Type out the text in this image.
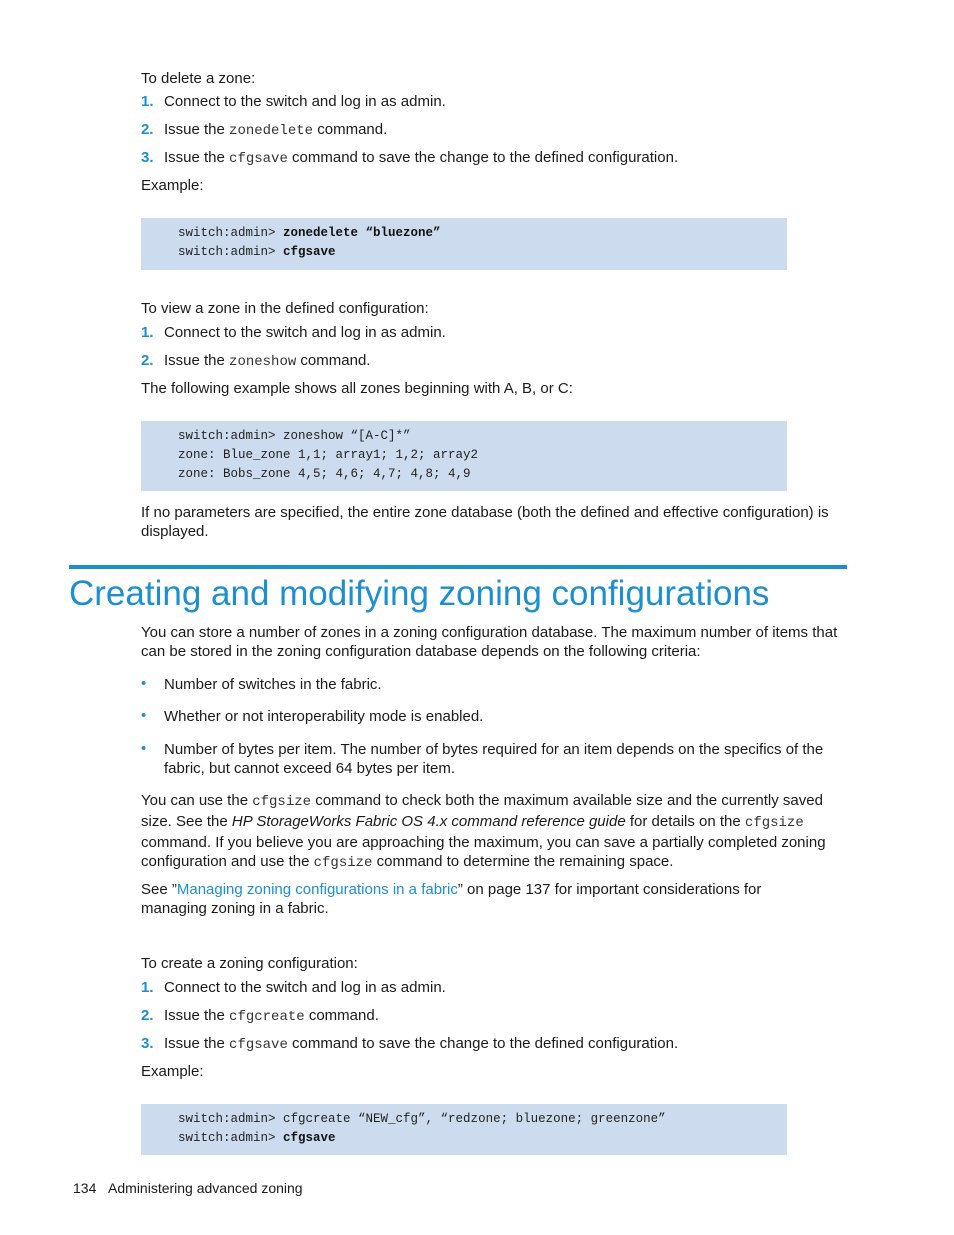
To delete a zone:
1. Connect to the switch and log in as admin.
2. Issue the zonedelete command.
3. Issue the cfgsave command to save the change to the defined configuration.
Example:
switch:admin> zonedelete “bluezone”
switch:admin> cfgsave
To view a zone in the defined configuration:
1. Connect to the switch and log in as admin.
2. Issue the zoneshow command.
The following example shows all zones beginning with A, B, or C:
switch:admin> zoneshow “[A-C]*”
zone: Blue_zone 1,1; array1; 1,2; array2
zone: Bobs_zone 4,5; 4,6; 4,7; 4,8; 4,9
If no parameters are specified, the entire zone database (both the defined and effective configuration) is displayed.
Creating and modifying zoning configurations
You can store a number of zones in a zoning configuration database. The maximum number of items that can be stored in the zoning configuration database depends on the following criteria:
• Number of switches in the fabric.
• Whether or not interoperability mode is enabled.
• Number of bytes per item. The number of bytes required for an item depends on the specifics of the fabric, but cannot exceed 64 bytes per item.
You can use the cfgsize command to check both the maximum available size and the currently saved size. See the HP StorageWorks Fabric OS 4.x command reference guide for details on the cfgsize command. If you believe you are approaching the maximum, you can save a partially completed zoning configuration and use the cfgsize command to determine the remaining space.
See ”Managing zoning configurations in a fabric” on page 137 for important considerations for managing zoning in a fabric.
To create a zoning configuration:
1. Connect to the switch and log in as admin.
2. Issue the cfgcreate command.
3. Issue the cfgsave command to save the change to the defined configuration.
Example:
switch:admin> cfgcreate “NEW_cfg”, “redzone; bluezone; greenzone”
switch:admin> cfgsave
134 Administering advanced zoning
